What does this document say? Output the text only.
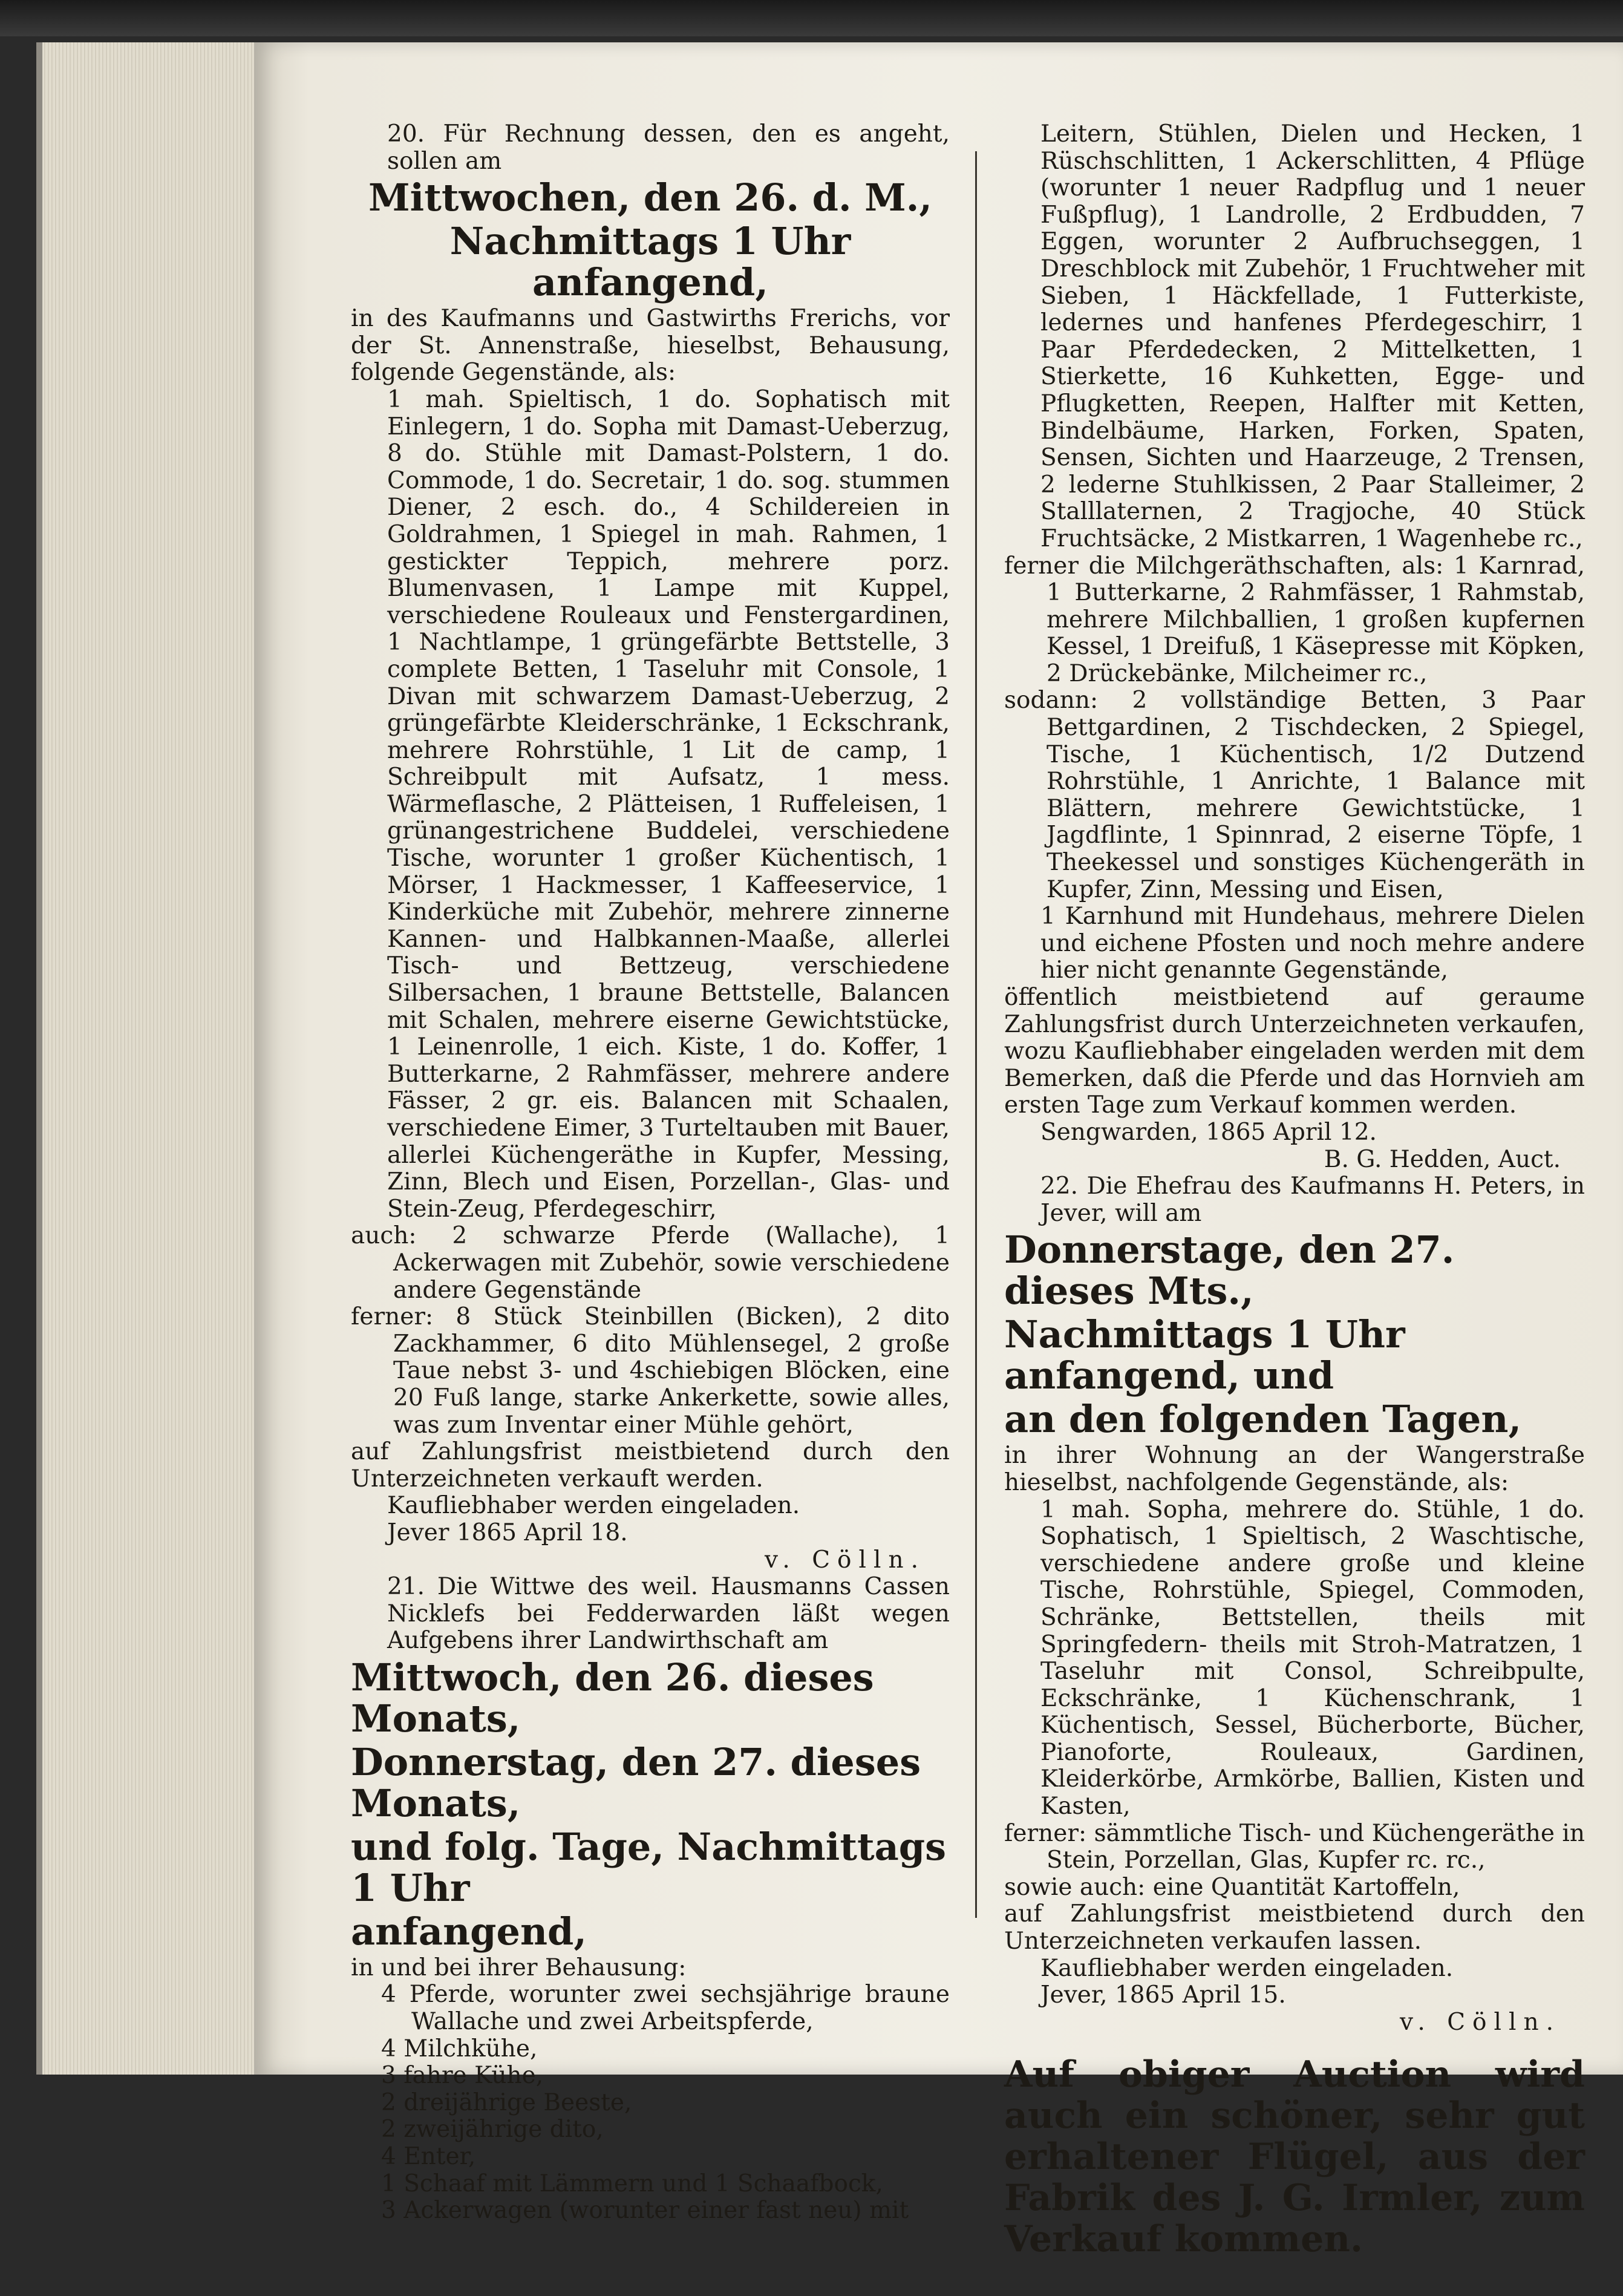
20. Für Rechnung dessen, den es angeht, sollen am

Mittwochen, den 26. d. M.,

Nachmittags 1 Uhr anfangend,

in des Kaufmanns und Gastwirths Frerichs, vor der St. Annenstraße, hieselbst, Behausung, folgende Gegenstände, als:

1 mah. Spieltisch, 1 do. Sophatisch mit Einlegern, 1 do. Sopha mit Damast-Ueberzug, 8 do. Stühle mit Damast-Polstern, 1 do. Commode, 1 do. Secretair, 1 do. sog. stummen Diener, 2 esch. do., 4 Schildereien in Goldrahmen, 1 Spiegel in mah. Rahmen, 1 gestickter Teppich, mehrere porz. Blumenvasen, 1 Lampe mit Kuppel, verschiedene Rouleaux und Fenstergardinen, 1 Nachtlampe, 1 grüngefärbte Bettstelle, 3 complete Betten, 1 Taseluhr mit Console, 1 Divan mit schwarzem Damast-Ueberzug, 2 grüngefärbte Kleiderschränke, 1 Eckschrank, mehrere Rohrstühle, 1 Lit de camp, 1 Schreibpult mit Aufsatz, 1 mess. Wärmeflasche, 2 Plätteisen, 1 Ruffeleisen, 1 grünangestrichene Buddelei, verschiedene Tische, worunter 1 großer Küchentisch, 1 Mörser, 1 Hackmesser, 1 Kaffeeservice, 1 Kinderküche mit Zubehör, mehrere zinnerne Kannen- und Halbkannen-Maaße, allerlei Tisch- und Bettzeug, verschiedene Silbersachen, 1 braune Bettstelle, Balancen mit Schalen, mehrere eiserne Gewichtstücke, 1 Leinenrolle, 1 eich. Kiste, 1 do. Koffer, 1 Butterkarne, 2 Rahmfässer, mehrere andere Fässer, 2 gr. eis. Balancen mit Schaalen, verschiedene Eimer, 3 Turteltauben mit Bauer, allerlei Küchengeräthe in Kupfer, Messing, Zinn, Blech und Eisen, Porzellan-, Glas- und Stein-Zeug, Pferdegeschirr,

auch: 2 schwarze Pferde (Wallache), 1 Ackerwagen mit Zubehör, sowie verschiedene andere Gegenstände

ferner: 8 Stück Steinbillen (Bicken), 2 dito Zackhammer, 6 dito Mühlensegel, 2 große Taue nebst 3- und 4schiebigen Blöcken, eine 20 Fuß lange, starke Ankerkette, sowie alles, was zum Inventar einer Mühle gehört,

auf Zahlungsfrist meistbietend durch den Unterzeichneten verkauft werden.

Kaufliebhaber werden eingeladen.

Jever 1865 April 18.

v. Cölln.

21. Die Wittwe des weil. Hausmanns Cassen Nicklefs bei Fedderwarden läßt wegen Aufgebens ihrer Landwirthschaft am

Mittwoch, den 26. dieses Monats,

Donnerstag, den 27. dieses Monats,

und folg. Tage, Nachmittags 1 Uhr

anfangend,

in und bei ihrer Behausung:

4 Pferde, worunter zwei sechsjährige braune Wallache und zwei Arbeitspferde,

4 Milchkühe,

3 fahre Kühe,

2 dreijährige Beeste,

2 zweijährige dito,

4 Enter,

1 Schaaf mit Lämmern und 1 Schaafbock,

3 Ackerwagen (worunter einer fast neu) mit

Leitern, Stühlen, Dielen und Hecken, 1 Rüschschlitten, 1 Ackerschlitten, 4 Pflüge (worunter 1 neuer Radpflug und 1 neuer Fußpflug), 1 Landrolle, 2 Erdbudden, 7 Eggen, worunter 2 Aufbruchseggen, 1 Dreschblock mit Zubehör, 1 Fruchtweher mit Sieben, 1 Häckfellade, 1 Futterkiste, ledernes und hanfenes Pferdegeschirr, 1 Paar Pferdedecken, 2 Mittelketten, 1 Stierkette, 16 Kuhketten, Egge- und Pflugketten, Reepen, Halfter mit Ketten, Bindelbäume, Harken, Forken, Spaten, Sensen, Sichten und Haarzeuge, 2 Trensen, 2 lederne Stuhlkissen, 2 Paar Stalleimer, 2 Stalllaternen, 2 Tragjoche, 40 Stück Fruchtsäcke, 2 Mistkarren, 1 Wagenhebe rc.,

ferner die Milchgeräthschaften, als: 1 Karnrad, 1 Butterkarne, 2 Rahmfässer, 1 Rahmstab, mehrere Milchballien, 1 großen kupfernen Kessel, 1 Dreifuß, 1 Käsepresse mit Köpken, 2 Drückebänke, Milcheimer rc.,

sodann: 2 vollständige Betten, 3 Paar Bettgardinen, 2 Tischdecken, 2 Spiegel, Tische, 1 Küchentisch, 1/2 Dutzend Rohrstühle, 1 Anrichte, 1 Balance mit Blättern, mehrere Gewichtstücke, 1 Jagdflinte, 1 Spinnrad, 2 eiserne Töpfe, 1 Theekessel und sonstiges Küchengeräth in Kupfer, Zinn, Messing und Eisen,

1 Karnhund mit Hundehaus, mehrere Dielen und eichene Pfosten und noch mehre andere hier nicht genannte Gegenstände,

öffentlich meistbietend auf geraume Zahlungsfrist durch Unterzeichneten verkaufen, wozu Kaufliebhaber eingeladen werden mit dem Bemerken, daß die Pferde und das Hornvieh am ersten Tage zum Verkauf kommen werden.

Sengwarden, 1865 April 12.

B. G. Hedden, Auct.

22. Die Ehefrau des Kaufmanns H. Peters, in Jever, will am

Donnerstage, den 27. dieses Mts.,

Nachmittags 1 Uhr anfangend, und

an den folgenden Tagen,

in ihrer Wohnung an der Wangerstraße hieselbst, nachfolgende Gegenstände, als:

1 mah. Sopha, mehrere do. Stühle, 1 do. Sophatisch, 1 Spieltisch, 2 Waschtische, verschiedene andere große und kleine Tische, Rohrstühle, Spiegel, Commoden, Schränke, Bettstellen, theils mit Springfedern- theils mit Stroh-Matratzen, 1 Taseluhr mit Consol, Schreibpulte, Eckschränke, 1 Küchenschrank, 1 Küchentisch, Sessel, Bücherborte, Bücher, Pianoforte, Rouleaux, Gardinen, Kleiderkörbe, Armkörbe, Ballien, Kisten und Kasten,

ferner: sämmtliche Tisch- und Küchengeräthe in Stein, Porzellan, Glas, Kupfer rc. rc.,

sowie auch: eine Quantität Kartoffeln,

auf Zahlungsfrist meistbietend durch den Unterzeichneten verkaufen lassen.

Kaufliebhaber werden eingeladen.

Jever, 1865 April 15.

v. Cölln.

Auf obiger Auction wird auch ein schöner, sehr gut erhaltener Flügel, aus der Fabrik des J. G. Irmler, zum Verkauf kommen.
